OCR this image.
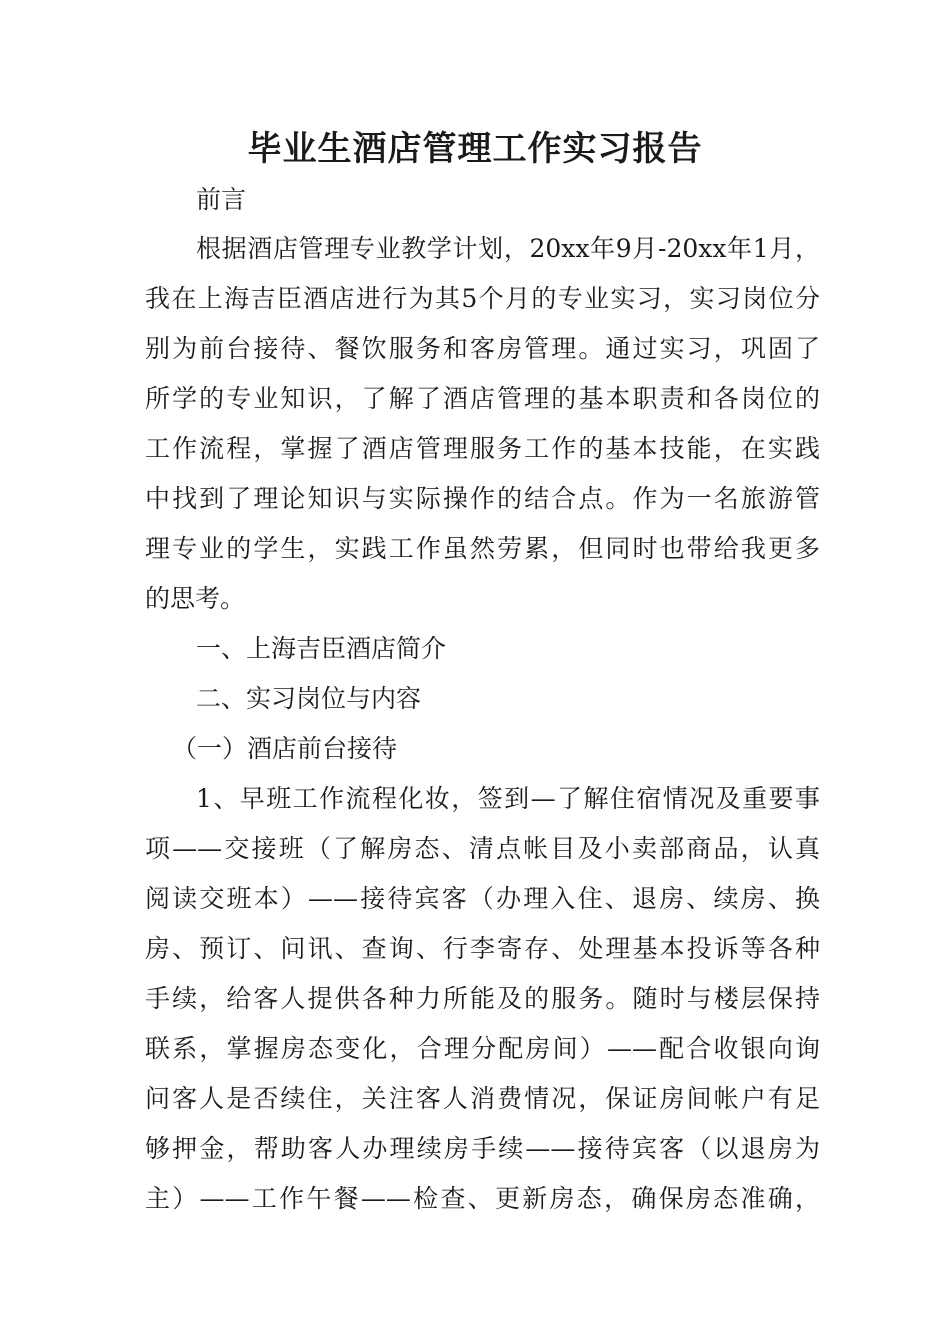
毕业生酒店管理工作实习报告

前言

根据酒店管理专业教学计划，20xx年9月-20xx年1月，

我在上海吉臣酒店进行为其5个月的专业实习，实习岗位分

别为前台接待、餐饮服务和客房管理。通过实习，巩固了

所学的专业知识，了解了酒店管理的基本职责和各岗位的

工作流程，掌握了酒店管理服务工作的基本技能，在实践

中找到了理论知识与实际操作的结合点。作为一名旅游管

理专业的学生，实践工作虽然劳累，但同时也带给我更多

的思考。

一、上海吉臣酒店简介

二、实习岗位与内容

（一）酒店前台接待

1、早班工作流程化妆，签到—了解住宿情况及重要事

项——交接班（了解房态、清点帐目及小卖部商品，认真

阅读交班本）——接待宾客（办理入住、退房、续房、换

房、预订、问讯、查询、行李寄存、处理基本投诉等各种

手续，给客人提供各种力所能及的服务。随时与楼层保持

联系，掌握房态变化，合理分配房间）——配合收银向询

问客人是否续住，关注客人消费情况，保证房间帐户有足

够押金，帮助客人办理续房手续——接待宾客（以退房为

主）——工作午餐——检查、更新房态，确保房态准确，
